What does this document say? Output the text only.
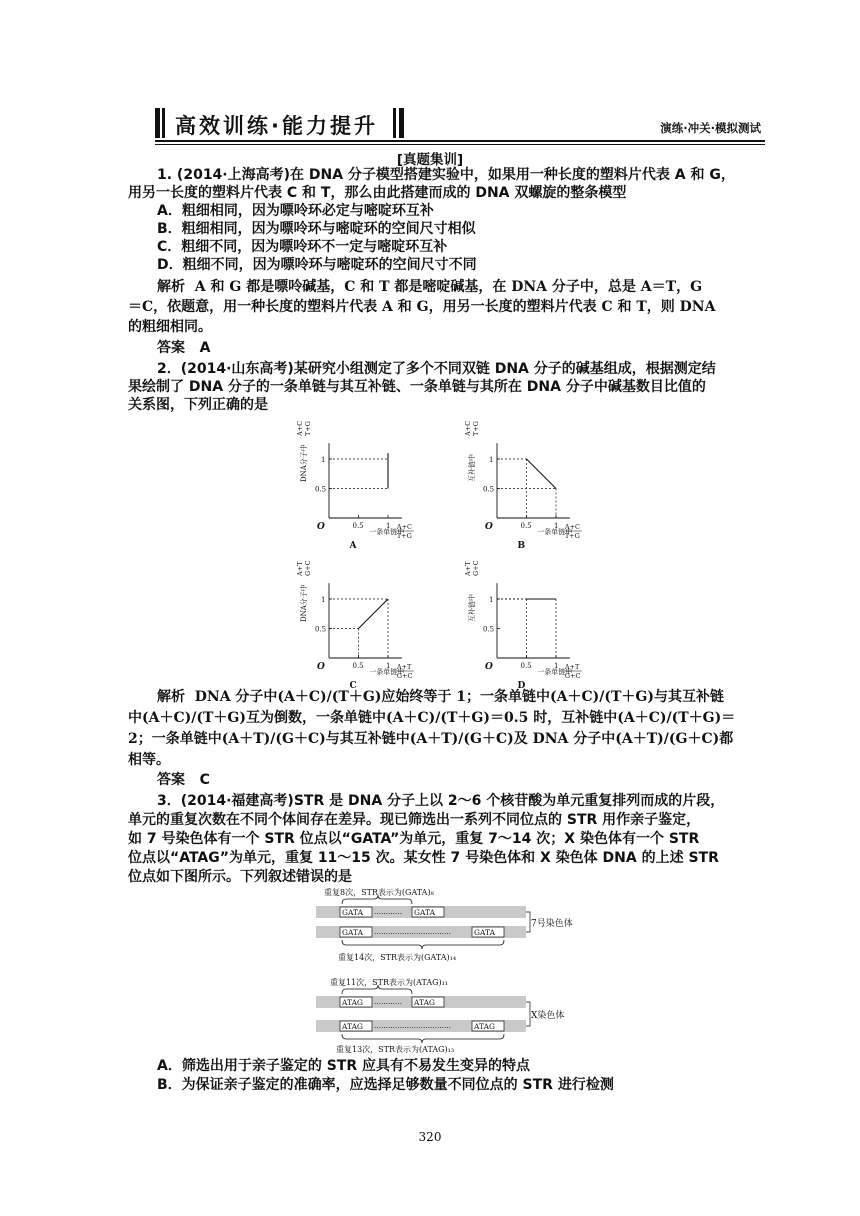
高效训练·能力提升	演练·冲关·模拟测试
[真题集训]
1. (2014·上海高考)在 DNA 分子模型搭建实验中，如果用一种长度的塑料片代表 A 和 G，
用另一长度的塑料片代表 C 和 T，那么由此搭建而成的 DNA 双螺旋的整条模型
A．粗细相同，因为嘌呤环必定与嘧啶环互补
B．粗细相同，因为嘌呤环与嘧啶环的空间尺寸相似
C．粗细不同，因为嘌呤环不一定与嘧啶环互补
D．粗细不同，因为嘌呤环与嘧啶环的空间尺寸不同
解析 A 和 G 都是嘌呤碱基，C 和 T 都是嘧啶碱基，在 DNA 分子中，总是 A＝T，G
＝C，依题意，用一种长度的塑料片代表 A 和 G，用另一长度的塑料片代表 C 和 T，则 DNA
的粗细相同。
答案 A
2．(2014·山东高考)某研究小组测定了多个不同双链 DNA 分子的碱基组成，根据测定结
果绘制了 DNA 分子的一条单链与其互补链、一条单链与其所在 DNA 分子中碱基数目比值的
关系图，下列正确的是
O	0.5	1
0.5
1
DNA分子中
A+C T+G
一条单链中
A+C
T+G
A
O	0.5	1
0.5
1
互补链中
A+C T+G
一条单链中
A+C
T+G
B
O	0.5	1
0.5
1
DNA分子中
A+T G+C
一条单链中
A+T
G+C
C
O	0.5	1
0.5
1
互补链中
A+T G+C
一条单链中
A+T
G+C
D
解析 DNA 分子中(A＋C)/(T＋G)应始终等于 1；一条单链中(A＋C)/(T＋G)与其互补链
中(A＋C)/(T＋G)互为倒数，一条单链中(A＋C)/(T＋G)＝0.5 时，互补链中(A＋C)/(T＋G)＝
2；一条单链中(A＋T)/(G＋C)与其互补链中(A＋T)/(G＋C)及 DNA 分子中(A＋T)/(G＋C)都
相等。
答案 C
3．(2014·福建高考)STR 是 DNA 分子上以 2～6 个核苷酸为单元重复排列而成的片段，
单元的重复次数在不同个体间存在差异。现已筛选出一系列不同位点的 STR 用作亲子鉴定，
如 7 号染色体有一个 STR 位点以“GATA”为单元，重复 7～14 次；X 染色体有一个 STR
位点以“ATAG”为单元，重复 11～15 次。某女性 7 号染色体和 X 染色体 DNA 的上述 STR
位点如下图所示。下列叙述错误的是
重复8次，STR表示为(GATA)₈
GATA ………… GATA
GATA ……………………………	GATA
重复14次，STR表示为(GATA)₁₄
7号染色体
重复11次，STR表示为(ATAG)₁₁
ATAG ………… ATAG
ATAG ……………………………	ATAG
重复13次，STR表示为(ATAG)₁₃
X染色体
A．筛选出用于亲子鉴定的 STR 应具有不易发生变异的特点
B．为保证亲子鉴定的准确率，应选择足够数量不同位点的 STR 进行检测
320
